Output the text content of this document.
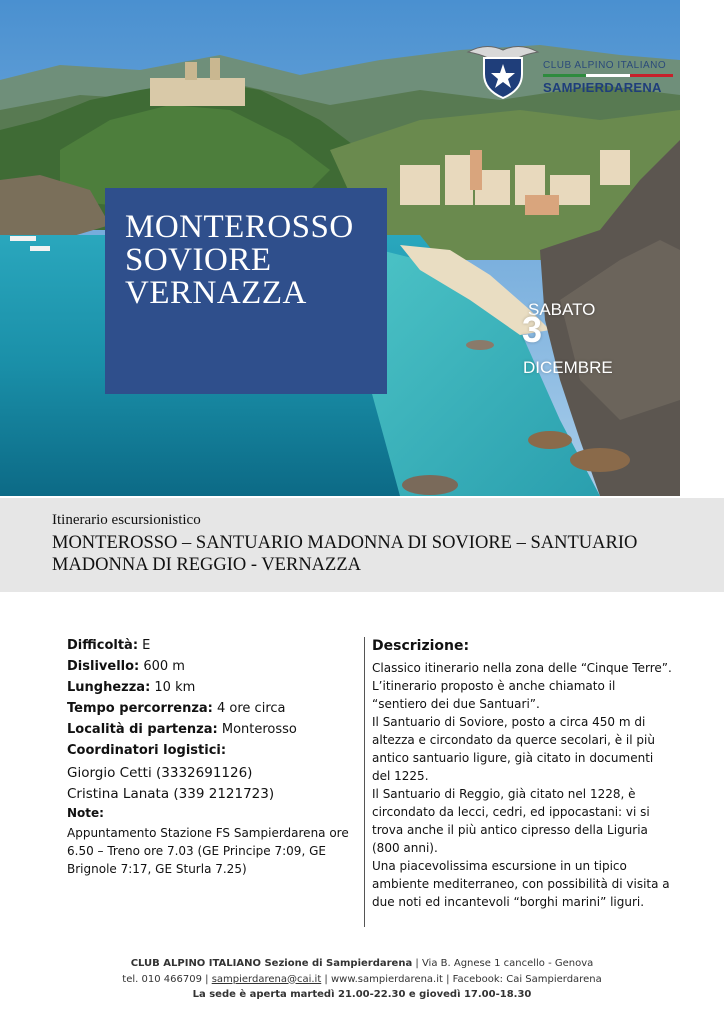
CLUB ALPINO ITALIANO
SAMPIERDARENA
SABATO
3
DICEMBRE
MONTEROSSO
SOVIORE
VERNAZZA
Itinerario escursionistico
MONTEROSSO – SANTUARIO MADONNA DI SOVIORE – SANTUARIO
MADONNA DI REGGIO - VERNAZZA
Difficoltà: E
Dislivello: 600 m
Lunghezza: 10 km
Tempo percorrenza: 4 ore circa
Località di partenza: Monterosso
Coordinatori logistici:
Giorgio Cetti (3332691126)
Cristina Lanata (339 2121723)
Note:
Appuntamento Stazione FS Sampierdarena ore 6.50 – Treno ore 7.03 (GE Principe 7:09, GE Brignole 7:17, GE Sturla 7.25)
Descrizione:

Classico itinerario nella zona delle “Cinque Terre”. L’itinerario proposto è anche chiamato il “sentiero dei due Santuari”.

Il Santuario di Soviore, posto a circa 450 m di altezza e circondato da querce secolari, è il più antico santuario ligure, già citato in documenti del 1225.

Il Santuario di Reggio, già citato nel 1228, è circondato da lecci, cedri, ed ippocastani: vi si trova anche il più antico cipresso della Liguria (800 anni).

Una piacevolissima escursione in un tipico ambiente mediterraneo, con possibilità di visita a due noti ed incantevoli “borghi marini” liguri.

CLUB ALPINO ITALIANO Sezione di Sampierdarena | Via B. Agnese 1 cancello - Genova
tel. 010 466709 | sampierdarena@cai.it | www.sampierdarena.it | Facebook: Cai Sampierdarena
La sede è aperta martedì 21.00-22.30 e giovedì 17.00-18.30
